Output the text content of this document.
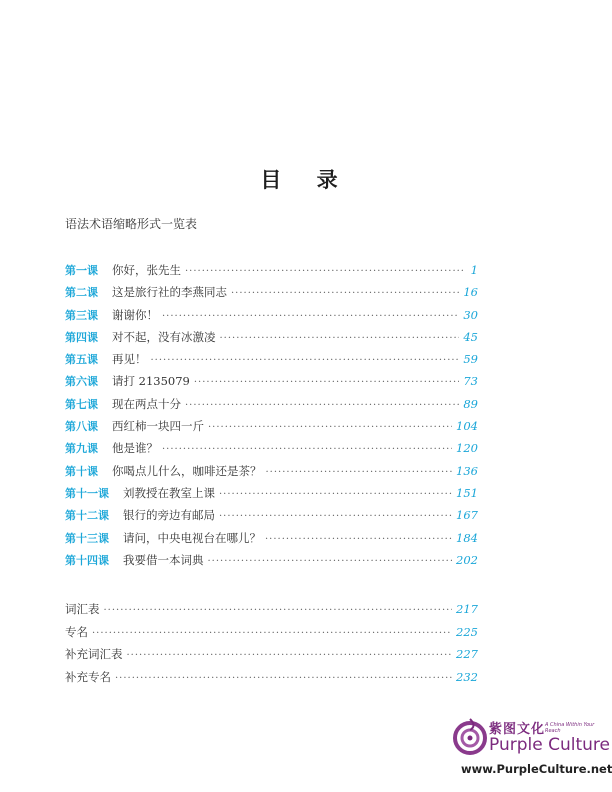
目 录
语法术语缩略形式一览表
第一课 你好，张先生 ·····	1
第二课 这是旅行社的李燕同志 ·····	16
第三课 谢谢你！ ·····	30
第四课 对不起，没有冰激凌 ·····	45
第五课 再见！ ·····	59
第六课 请打 2135079 ·····	73
第七课 现在两点十分 ·····	89
第八课 西红柿一块四一斤 ·····	104
第九课 他是谁？ ·····	120
第十课 你喝点儿什么，咖啡还是茶？ ·····	136
第十一课 刘教授在教室上课 ·····	151
第十二课 银行的旁边有邮局 ·····	167
第十三课 请问，中央电视台在哪儿？ ·····	184
第十四课 我要借一本词典 ·····	202
词汇表 ·····	217
专名 ·····	225
补充词汇表 ·····	227
补充专名 ·····	232
紫图文化 A China Within Your Reach
Purple Culture
www.PurpleCulture.net
